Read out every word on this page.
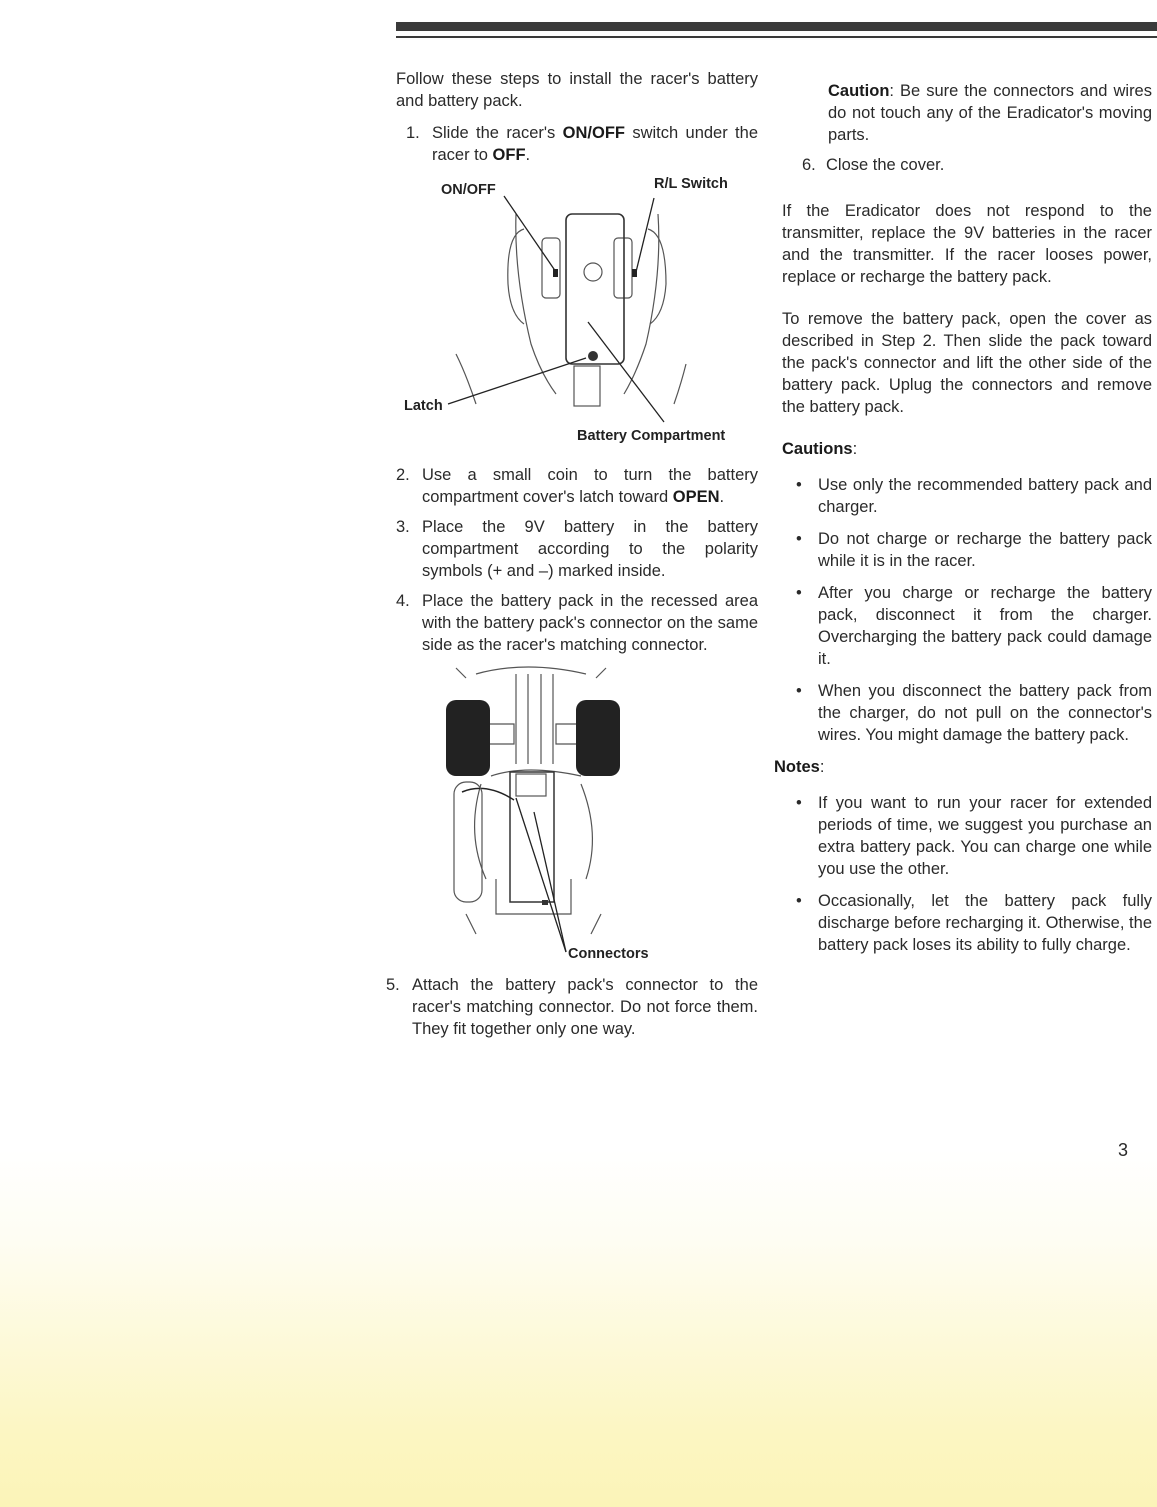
Follow these steps to install the racer's battery and battery pack.

1. Slide the racer's ON/OFF switch under the racer to OFF.
ON/OFF	R/L Switch
Latch
Battery Compartment
2. Use a small coin to turn the battery compartment cover's latch toward OPEN.
3. Place the 9V battery in the battery compartment according to the polarity symbols (+ and –) marked inside.
4. Place the battery pack in the recessed area with the battery pack's connector on the same side as the racer's matching connector.
Connectors
5. Attach the battery pack's connector to the racer's matching connector. Do not force them. They fit together only one way.

Caution: Be sure the connectors and wires do not touch any of the Eradicator's moving parts.

6. Close the cover.

If the Eradicator does not respond to the transmitter, replace the 9V batteries in the racer and the transmitter. If the racer looses power, replace or recharge the battery pack.

To remove the battery pack, open the cover as described in Step 2. Then slide the pack toward the pack's connector and lift the other side of the battery pack. Uplug the connectors and remove the battery pack.

Cautions:

• Use only the recommended battery pack and charger.
• Do not charge or recharge the battery pack while it is in the racer.
• After you charge or recharge the battery pack, disconnect it from the charger. Overcharging the battery pack could damage it.
• When you disconnect the battery pack from the charger, do not pull on the connector's wires. You might damage the battery pack.

Notes:

• If you want to run your racer for extended periods of time, we suggest you purchase an extra battery pack. You can charge one while you use the other.
• Occasionally, let the battery pack fully discharge before recharging it. Otherwise, the battery pack loses its ability to fully charge.
3
